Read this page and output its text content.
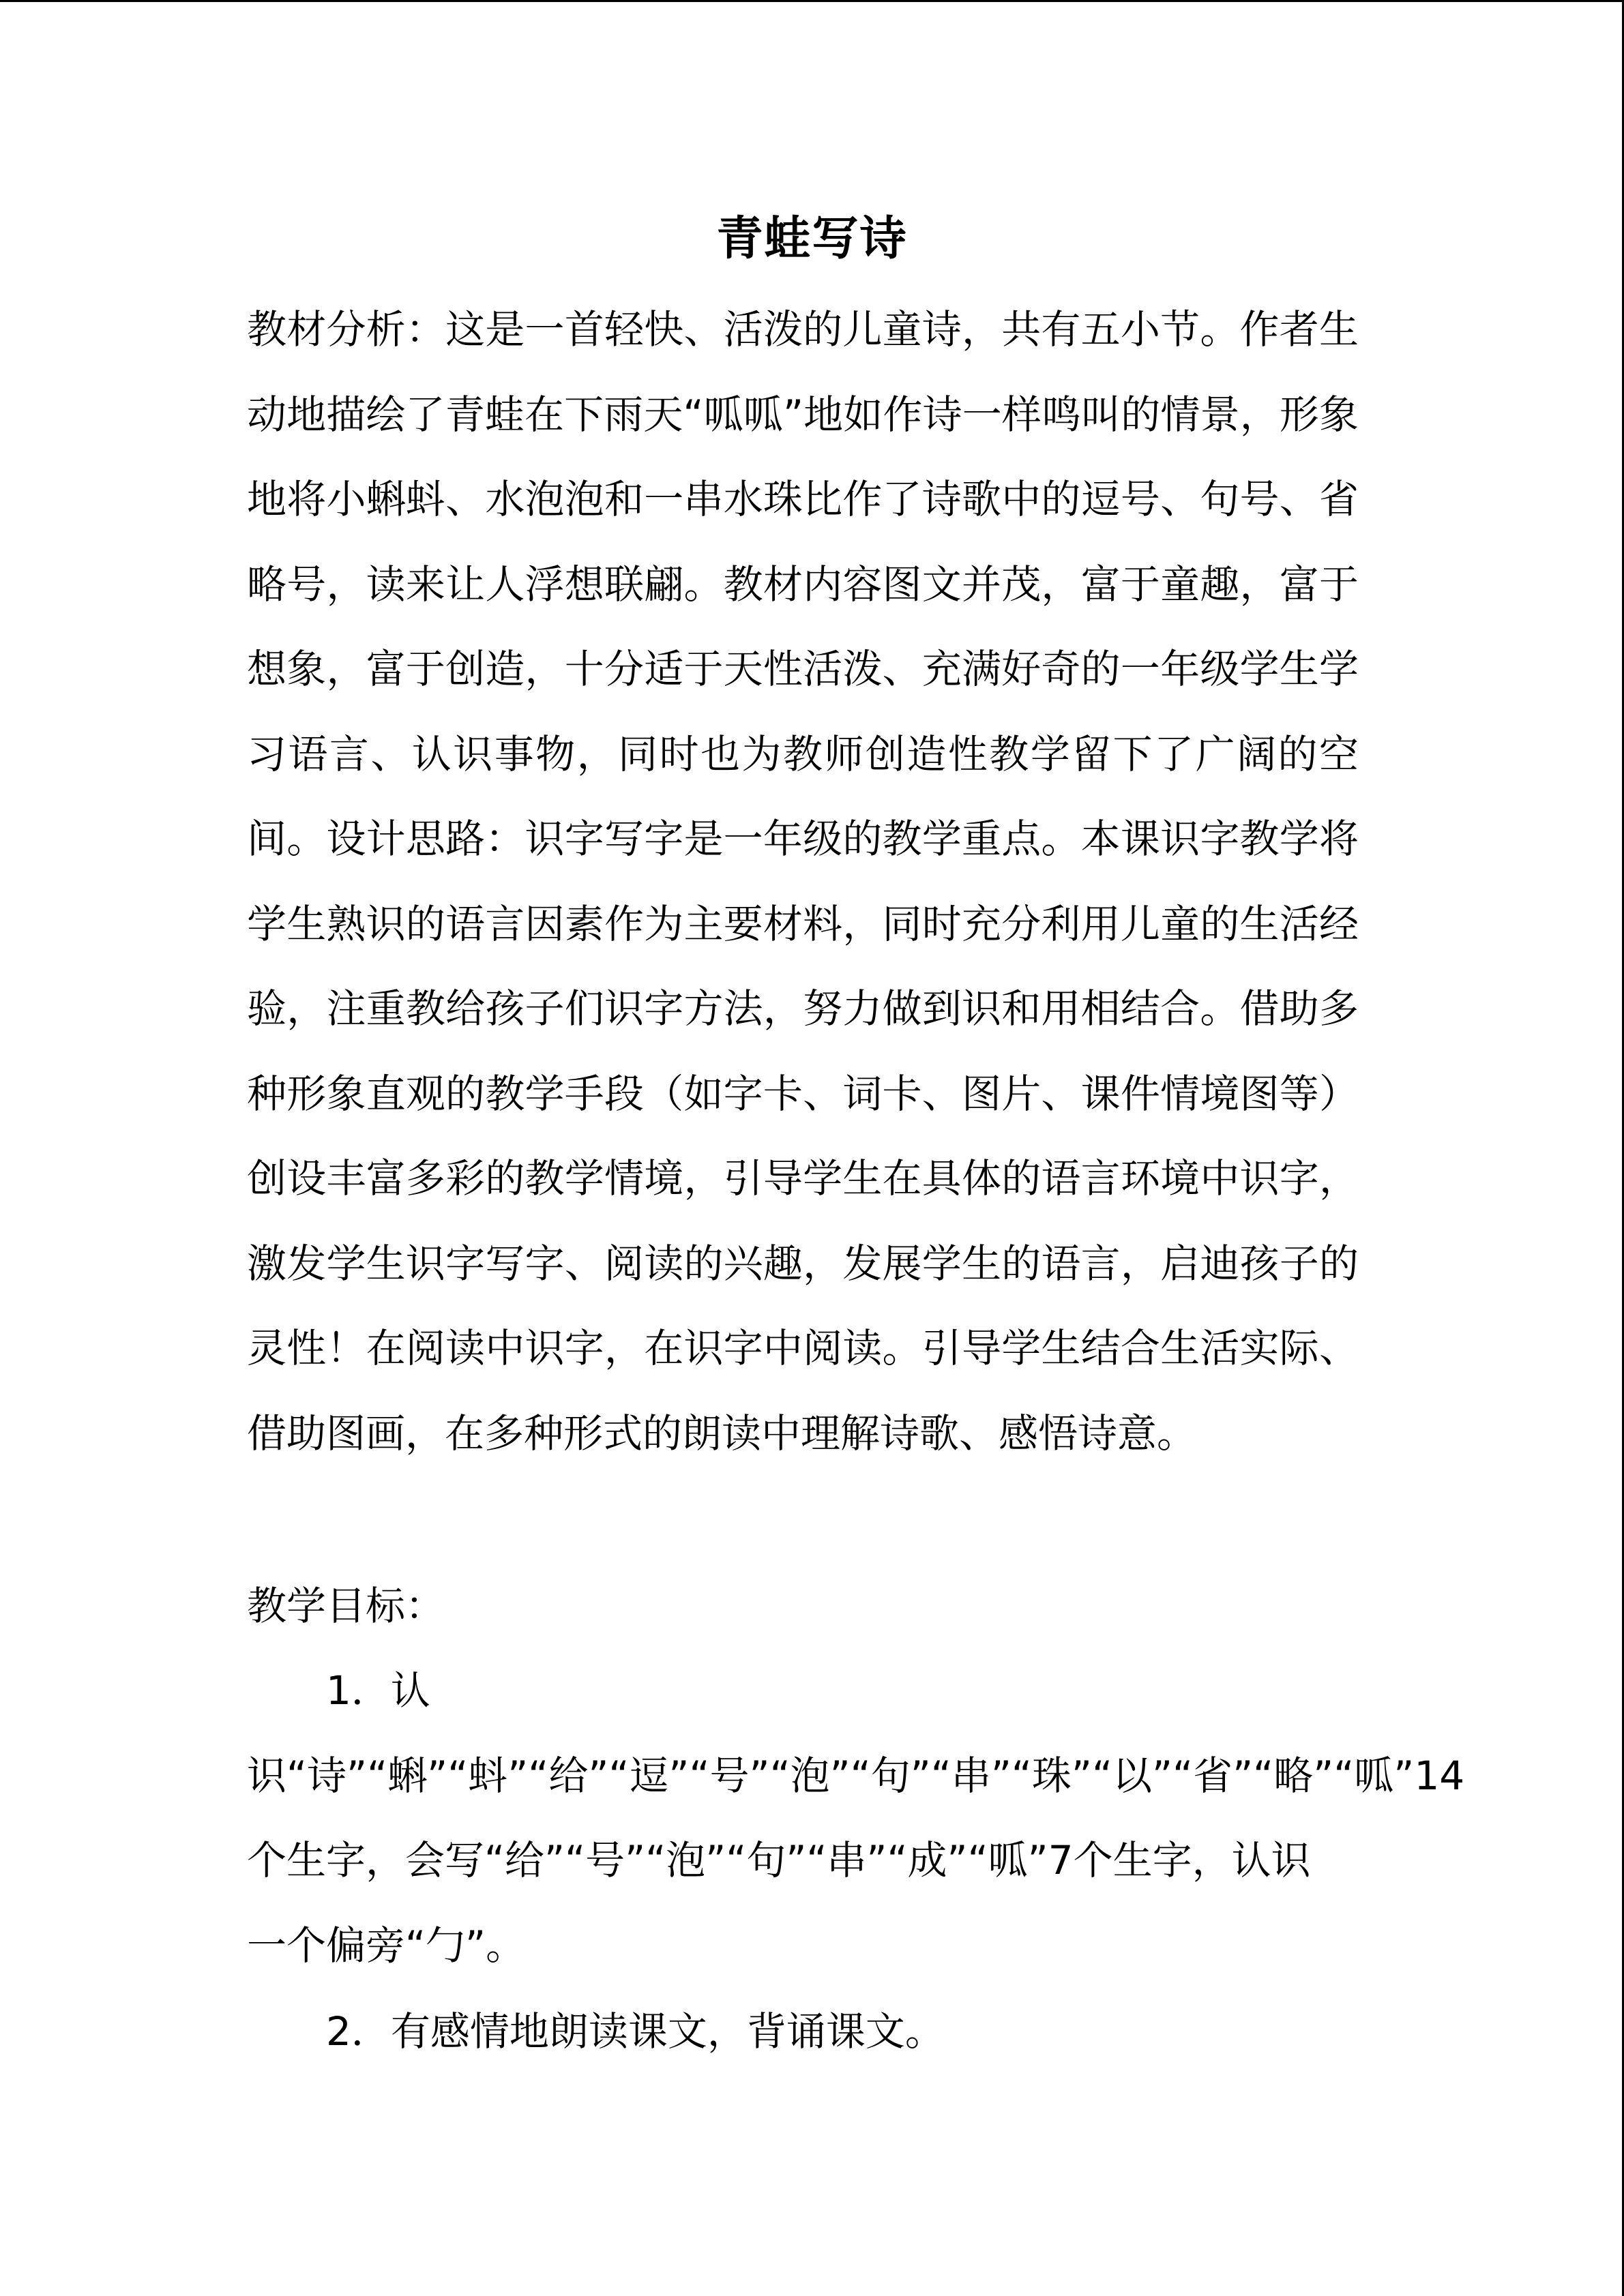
青蛙写诗

教材分析：这是一首轻快、活泼的儿童诗，共有五小节。作者生动地描绘了青蛙在下雨天“呱呱”地如作诗一样鸣叫的情景，形象地将小蝌蚪、水泡泡和一串水珠比作了诗歌中的逗号、句号、省略号，读来让人浮想联翩。教材内容图文并茂，富于童趣，富于想象，富于创造，十分适于天性活泼、充满好奇的一年级学生学习语言、认识事物，同时也为教师创造性教学留下了广阔的空间。设计思路：识字写字是一年级的教学重点。本课识字教学将学生熟识的语言因素作为主要材料，同时充分利用儿童的生活经验，注重教给孩子们识字方法，努力做到识和用相结合。借助多种形象直观的教学手段（如字卡、词卡、图片、课件情境图等）创设丰富多彩的教学情境，引导学生在具体的语言环境中识字，激发学生识字写字、阅读的兴趣，发展学生的语言，启迪孩子的灵性！在阅读中识字，在识字中阅读。引导学生结合生活实际、借助图画，在多种形式的朗读中理解诗歌、感悟诗意。

教学目标：

1．认识“诗”“蝌”“蚪”“给”“逗”“号”“泡”“句”“串”“珠”“以”“省”“略”“呱”14个生字，会写“给”“号”“泡”“句”“串”“成”“呱”7个生字，认识一个偏旁“勹”。

2．有感情地朗读课文，背诵课文。
